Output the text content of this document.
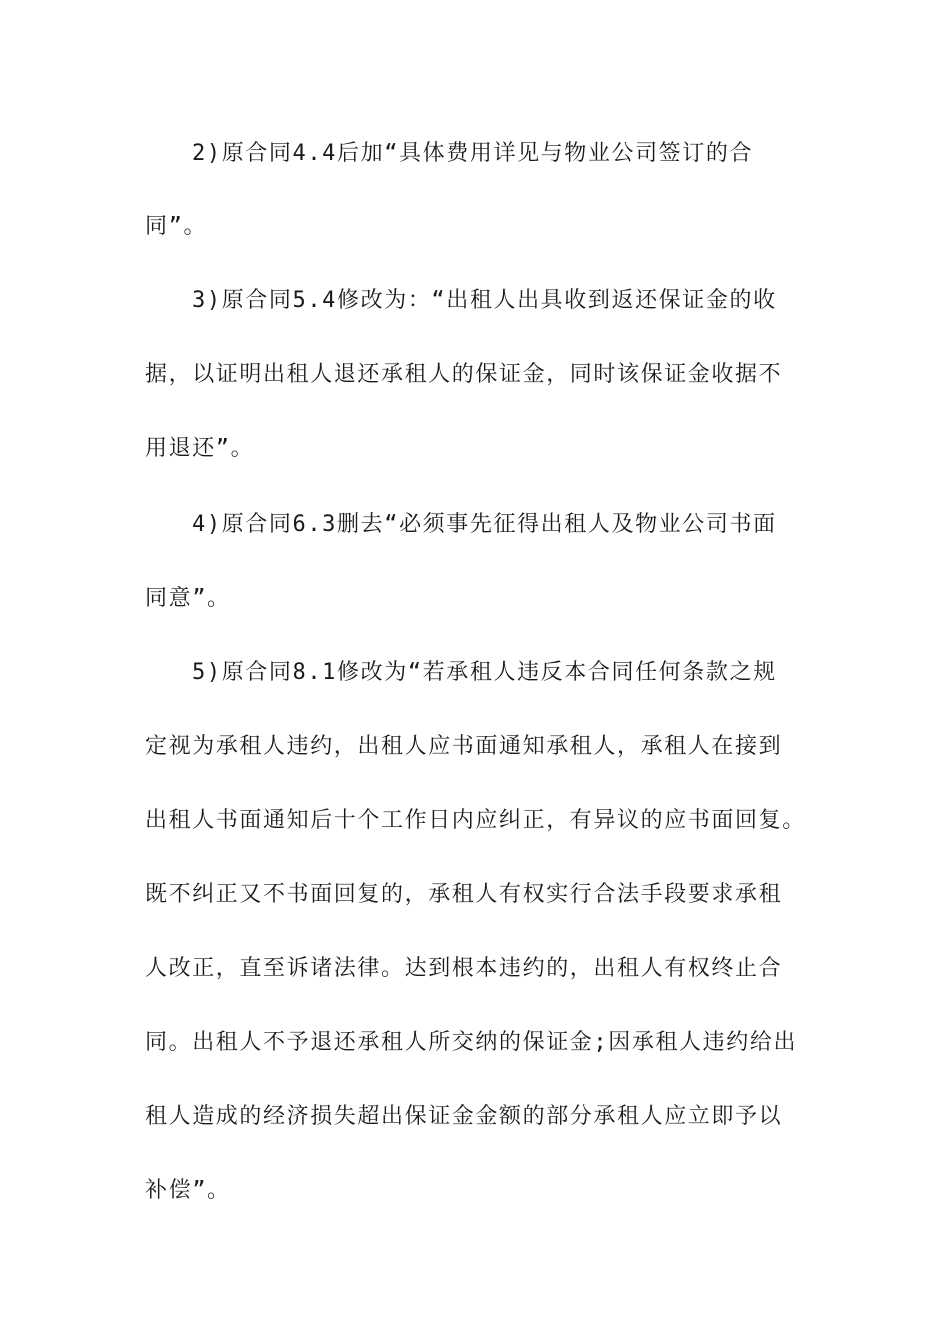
2)原合同4.4后加“具体费用详见与物业公司签订的合
同”。
3)原合同5.4修改为：“出租人出具收到返还保证金的收
据，以证明出租人退还承租人的保证金，同时该保证金收据不
用退还”。
4)原合同6.3删去“必须事先征得出租人及物业公司书面
同意”。
5)原合同8.1修改为“若承租人违反本合同任何条款之规
定视为承租人违约，出租人应书面通知承租人，承租人在接到
出租人书面通知后十个工作日内应纠正，有异议的应书面回复。
既不纠正又不书面回复的，承租人有权实行合法手段要求承租
人改正，直至诉诸法律。达到根本违约的，出租人有权终止合
同。出租人不予退还承租人所交纳的保证金;因承租人违约给出
租人造成的经济损失超出保证金金额的部分承租人应立即予以
补偿”。
